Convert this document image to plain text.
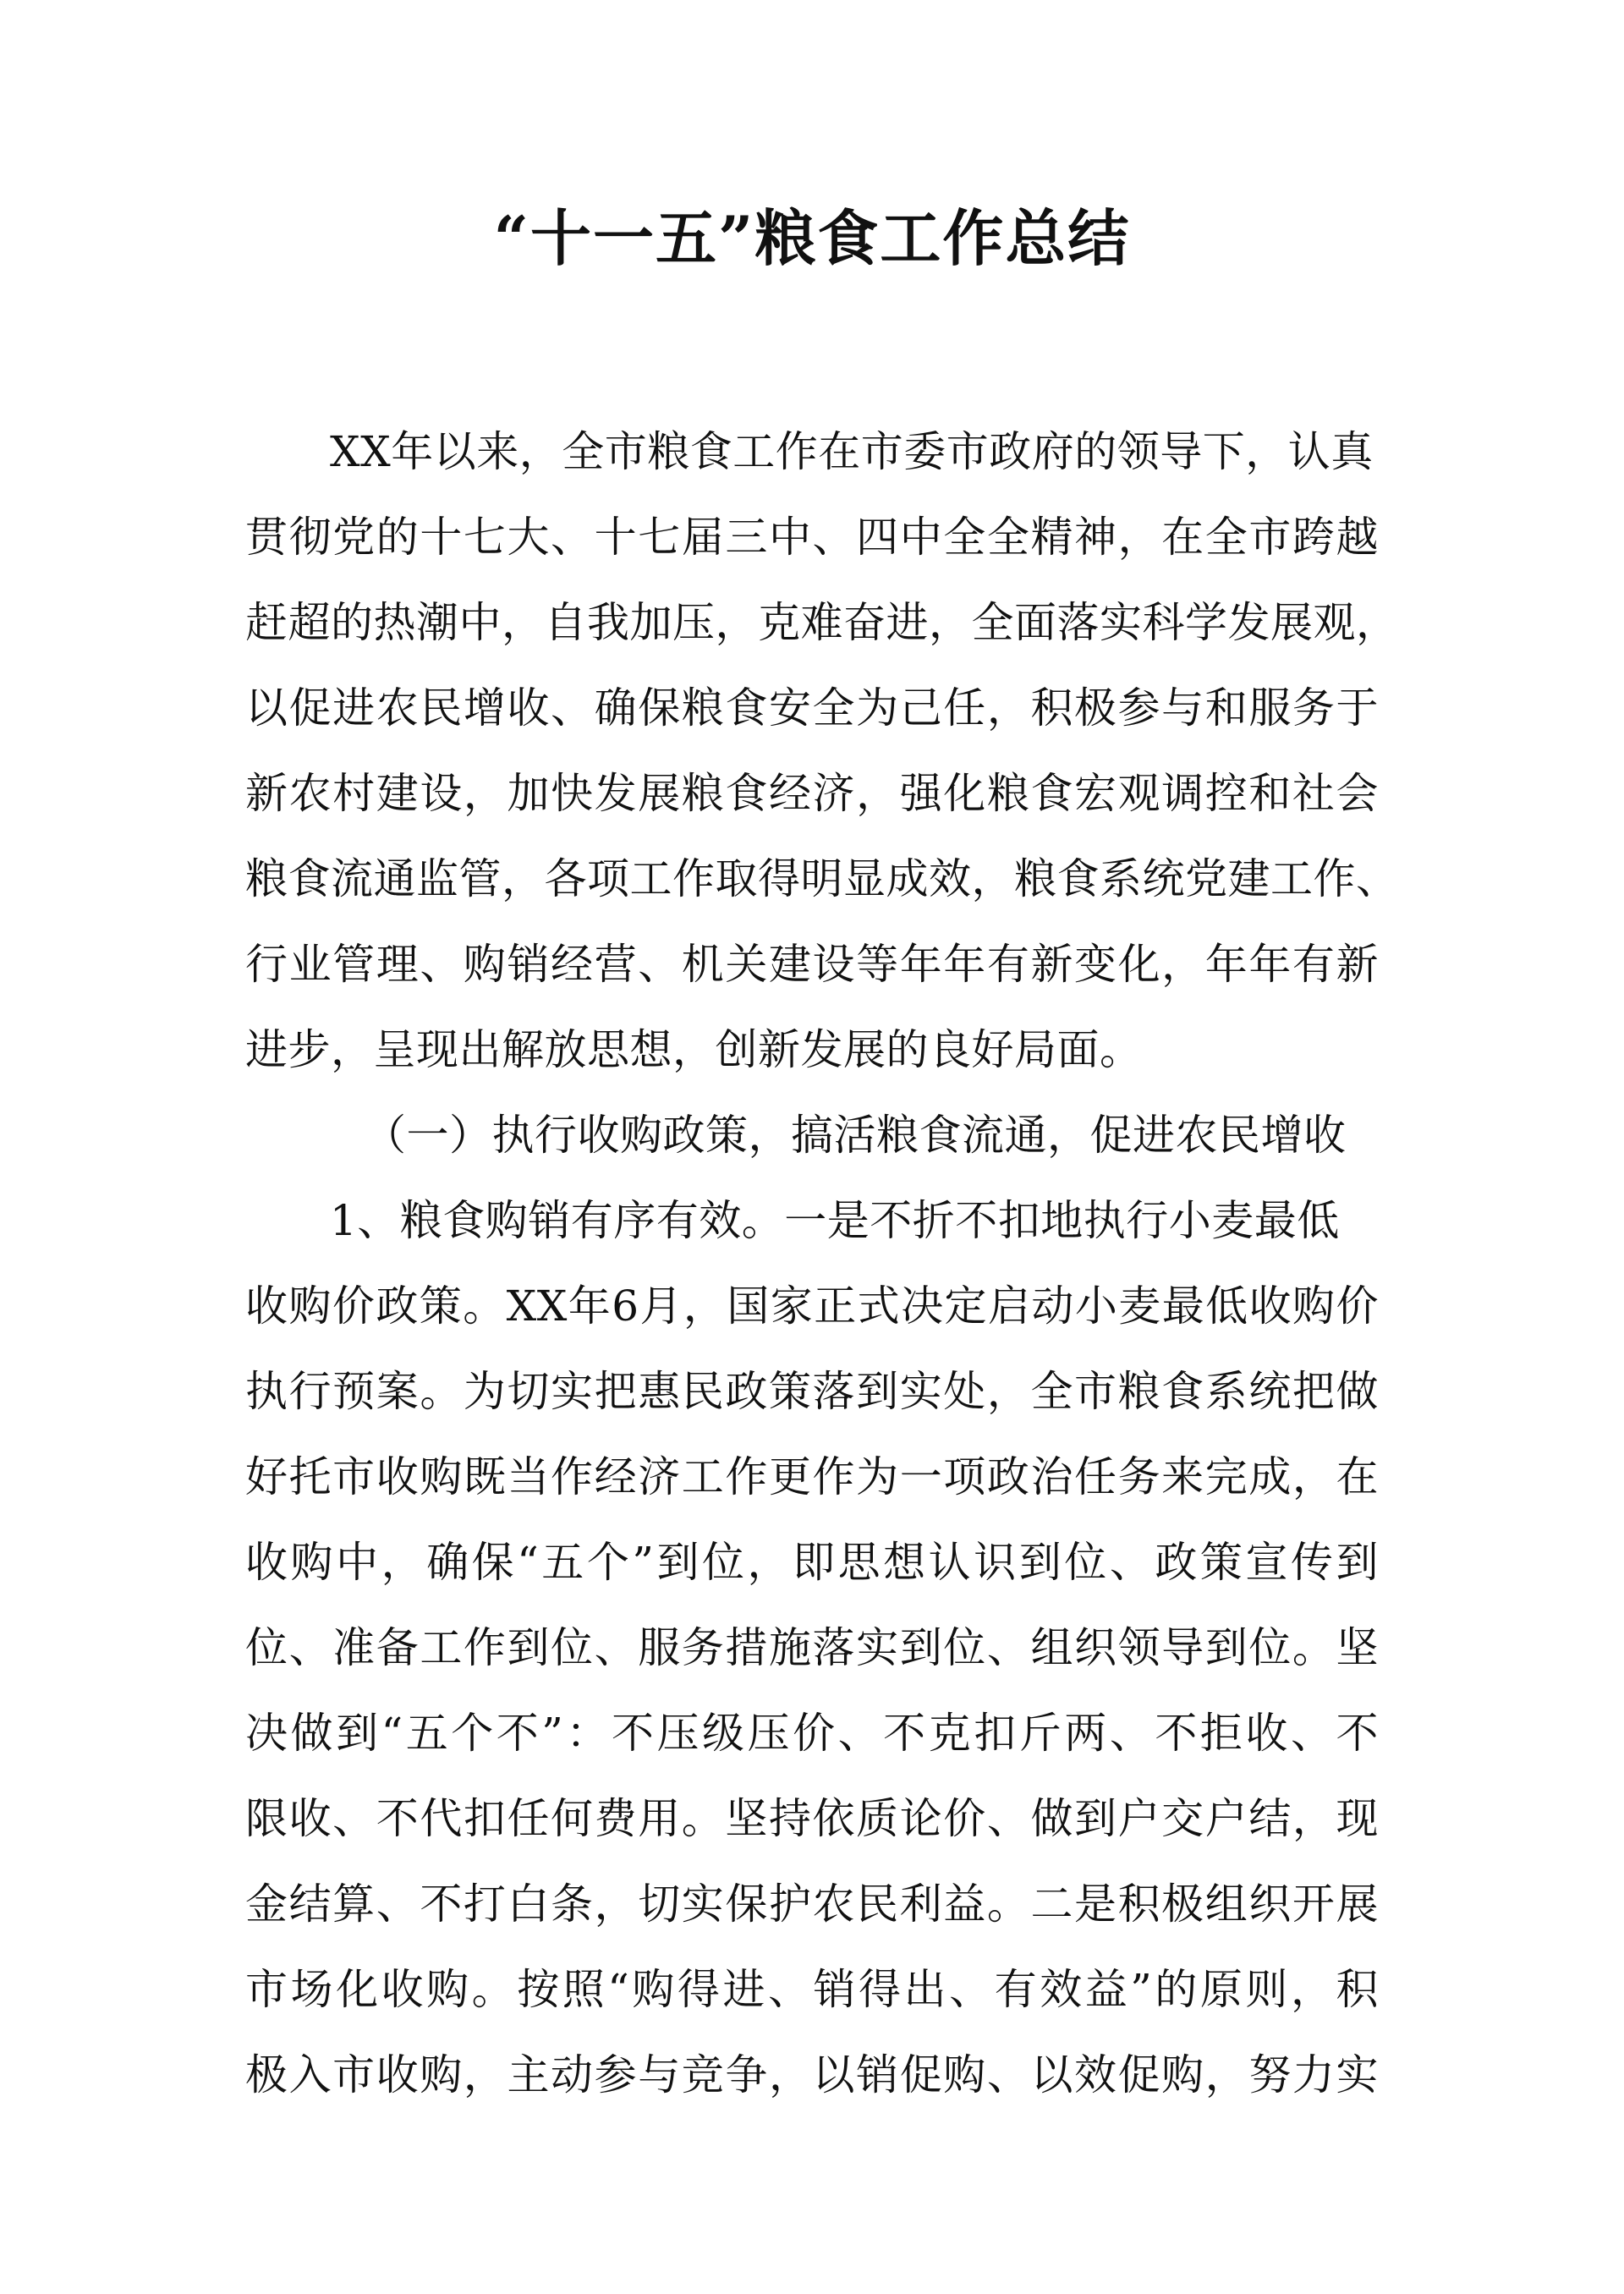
“十一五”粮食工作总结
XX年以来，全市粮食工作在市委市政府的领导下，认真
贯彻党的十七大、十七届三中、四中全全精神，在全市跨越
赶超的热潮中，自我加压，克难奋进，全面落实科学发展观，
以促进农民增收、确保粮食安全为己任，积极参与和服务于
新农村建设，加快发展粮食经济，强化粮食宏观调控和社会
粮食流通监管，各项工作取得明显成效，粮食系统党建工作、
行业管理、购销经营、机关建设等年年有新变化，年年有新
进步，呈现出解放思想，创新发展的良好局面。
（一）执行收购政策，搞活粮食流通，促进农民增收
1、粮食购销有序有效。一是不折不扣地执行小麦最低
收购价政策。XX年6月，国家正式决定启动小麦最低收购价
执行预案。为切实把惠民政策落到实处，全市粮食系统把做
好托市收购既当作经济工作更作为一项政治任务来完成，在
收购中，确保“五个”到位，即思想认识到位、政策宣传到
位、准备工作到位、服务措施落实到位、组织领导到位。坚
决做到“五个不”：不压级压价、不克扣斤两、不拒收、不
限收、不代扣任何费用。坚持依质论价、做到户交户结，现
金结算、不打白条，切实保护农民利益。二是积极组织开展
市场化收购。按照“购得进、销得出、有效益”的原则，积
极入市收购，主动参与竞争，以销促购、以效促购，努力实
